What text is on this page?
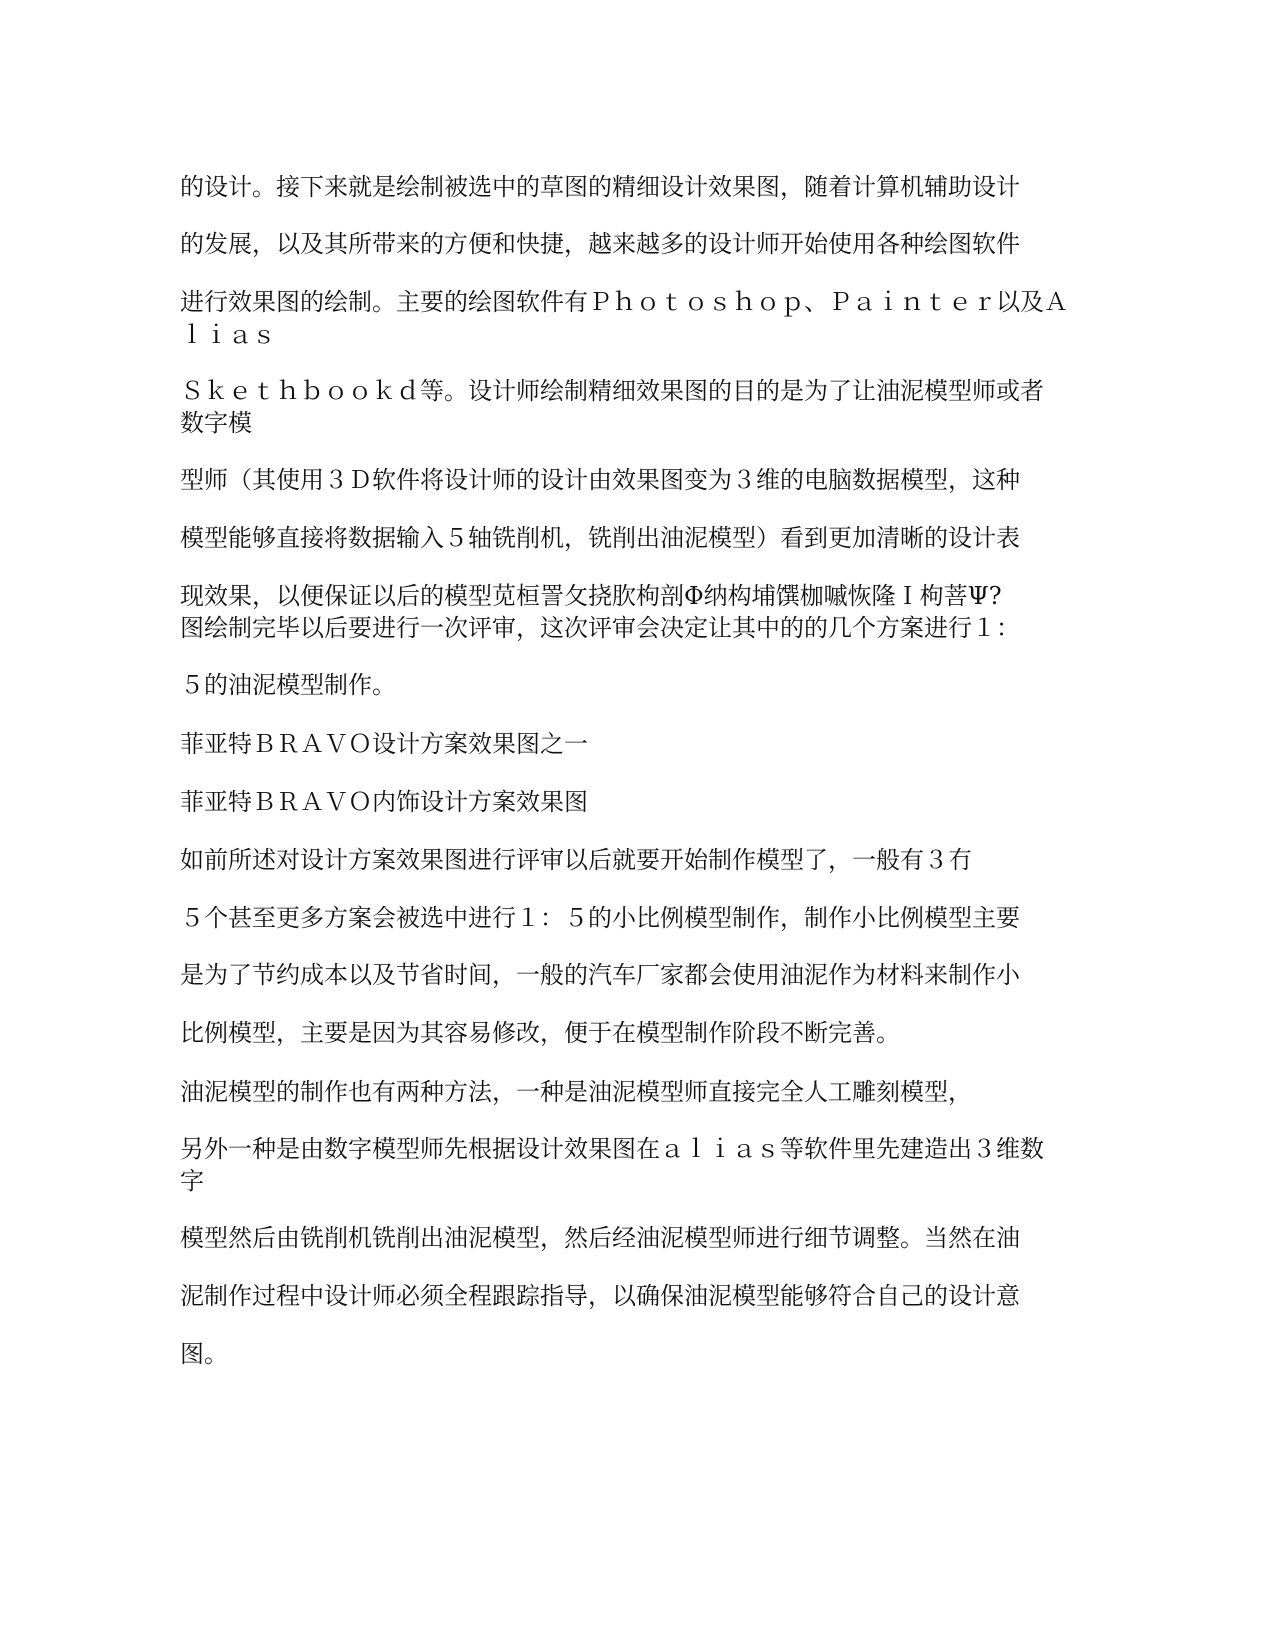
的设计。接下来就是绘制被选中的草图的精细设计效果图，随着计算机辅助设计
的发展，以及其所带来的方便和快捷，越来越多的设计师开始使用各种绘图软件
进行效果图的绘制。主要的绘图软件有Ｐｈｏｔｏｓｈｏｐ、Ｐａｉｎｔｅｒ以及Ａ
ｌｉａｓ
Ｓｋｅｔｈｂｏｏｋｄ等。设计师绘制精细效果图的目的是为了让油泥模型师或者
数字模
型师（其使用３Ｄ软件将设计师的设计由效果图变为３维的电脑数据模型，这种
模型能够直接将数据输入５轴铣削机，铣削出油泥模型）看到更加清晰的设计表
现效果，以便保证以后的模型苋桓詈攵挠肷枸剖Φ纳构埔馔枷嘁恢隆Ｉ枸菩Ψ?
图绘制完毕以后要进行一次评审，这次评审会决定让其中的的几个方案进行１：
５的油泥模型制作。
菲亚特ＢＲＡＶＯ设计方案效果图之一
菲亚特ＢＲＡＶＯ内饰设计方案效果图
如前所述对设计方案效果图进行评审以后就要开始制作模型了，一般有３冇
５个甚至更多方案会被选中进行１：５的小比例模型制作，制作小比例模型主要
是为了节约成本以及节省时间，一般的汽车厂家都会使用油泥作为材料来制作小
比例模型，主要是因为其容易修改，便于在模型制作阶段不断完善。
油泥模型的制作也有两种方法，一种是油泥模型师直接完全人工雕刻模型，
另外一种是由数字模型师先根据设计效果图在ａｌｉａｓ等软件里先建造出３维数
字
模型然后由铣削机铣削出油泥模型，然后经油泥模型师进行细节调整。当然在油
泥制作过程中设计师必须全程跟踪指导，以确保油泥模型能够符合自己的设计意
图。
